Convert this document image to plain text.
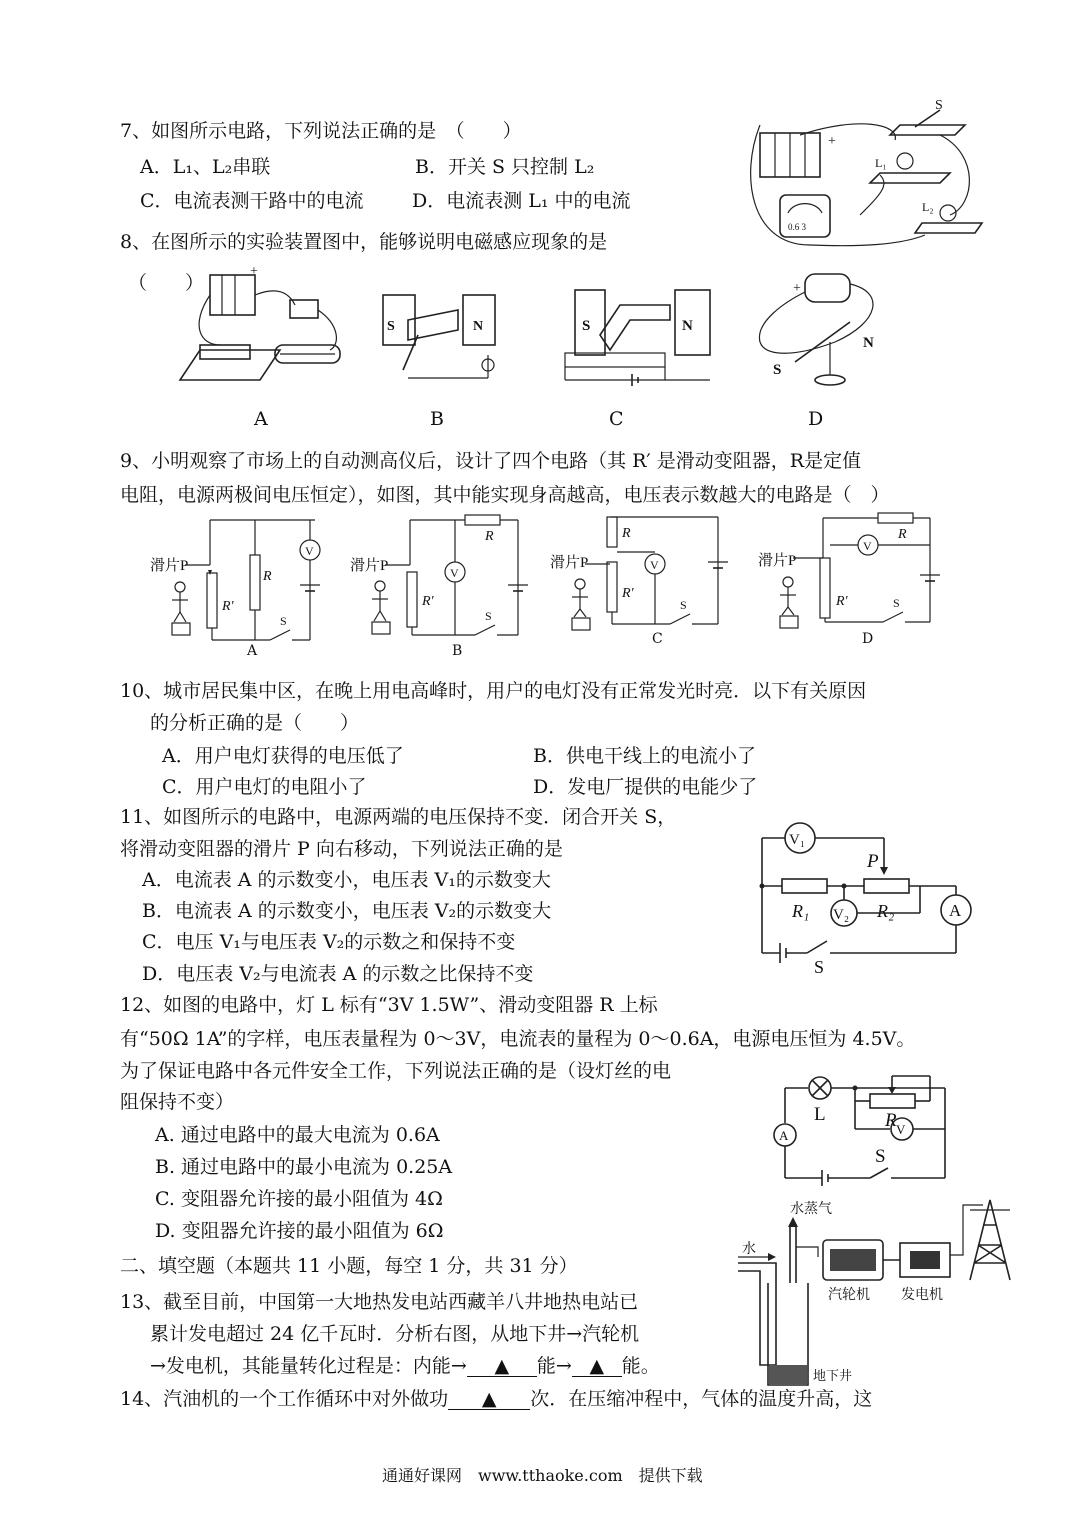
7、如图所示电路，下列说法正确的是　（　　）
A．L₁、L₂串联	B．开关 S 只控制 L₂
C．电流表测干路中的电流	D．电流表测 L₁ 中的电流
+
S
L₁
L₂
0.6 3
8、在图所示的实验装置图中，能够说明电磁感应现象的是
（　　）
+
S	N	S	N
+
N
S
A	B	C	D
9、小明观察了市场上的自动测高仪后，设计了四个电路（其 R′ 是滑动变阻器，R是定值
电阻，电源两极间电压恒定），如图，其中能实现身高越高，电压表示数越大的电路是（　）
滑片P
R′
R
V
S
A
滑片P
R
R′
V
S
B
滑片P
R
R′
V
S
C
滑片P
R′
V
R
S
D
10、城市居民集中区，在晚上用电高峰时，用户的电灯没有正常发光时亮．以下有关原因
的分析正确的是（　　）
A．用户电灯获得的电压低了	B．供电干线上的电流小了
C．用户电灯的电阻小了	D．发电厂提供的电能少了
11、如图所示的电路中，电源两端的电压保持不变．闭合开关 S，
将滑动变阻器的滑片 P 向右移动，下列说法正确的是
A．电流表 A 的示数变小，电压表 V₁的示数变大
B．电流表 A 的示数变小，电压表 V₂的示数变大
C．电压 V₁与电压表 V₂的示数之和保持不变
D．电压表 V₂与电流表 A 的示数之比保持不变
V₁
P
R₁	R₂
V₂	A
S
12、如图的电路中，灯 L 标有“3V 1.5W”、滑动变阻器 R 上标
有“50Ω 1A”的字样，电压表量程为 0～3V，电流表的量程为 0～0.6A，电源电压恒为 4.5V。
为了保证电路中各元件安全工作，下列说法正确的是（设灯丝的电
阻保持不变）
A. 通过电路中的最大电流为 0.6A
B. 通过电路中的最小电流为 0.25A
C. 变阻器允许接的最小阻值为 4Ω
D. 变阻器允许接的最小阻值为 6Ω
L
A
R V
S
二、填空题（本题共 11 小题，每空 1 分，共 31 分）
13、截至目前，中国第一大地热发电站西藏羊八井地热电站已
累计发电超过 24 亿千瓦时．分析右图，从地下井→汽轮机
→发电机，其能量转化过程是：内能→ ▲ 能→ ▲ 能。
水蒸气
水
地下井
汽轮机 发电机
14、汽油机的一个工作循环中对外做功 ▲ 次．在压缩冲程中，气体的温度升高，这
通通好课网　www.tthaoke.com　提供下载
